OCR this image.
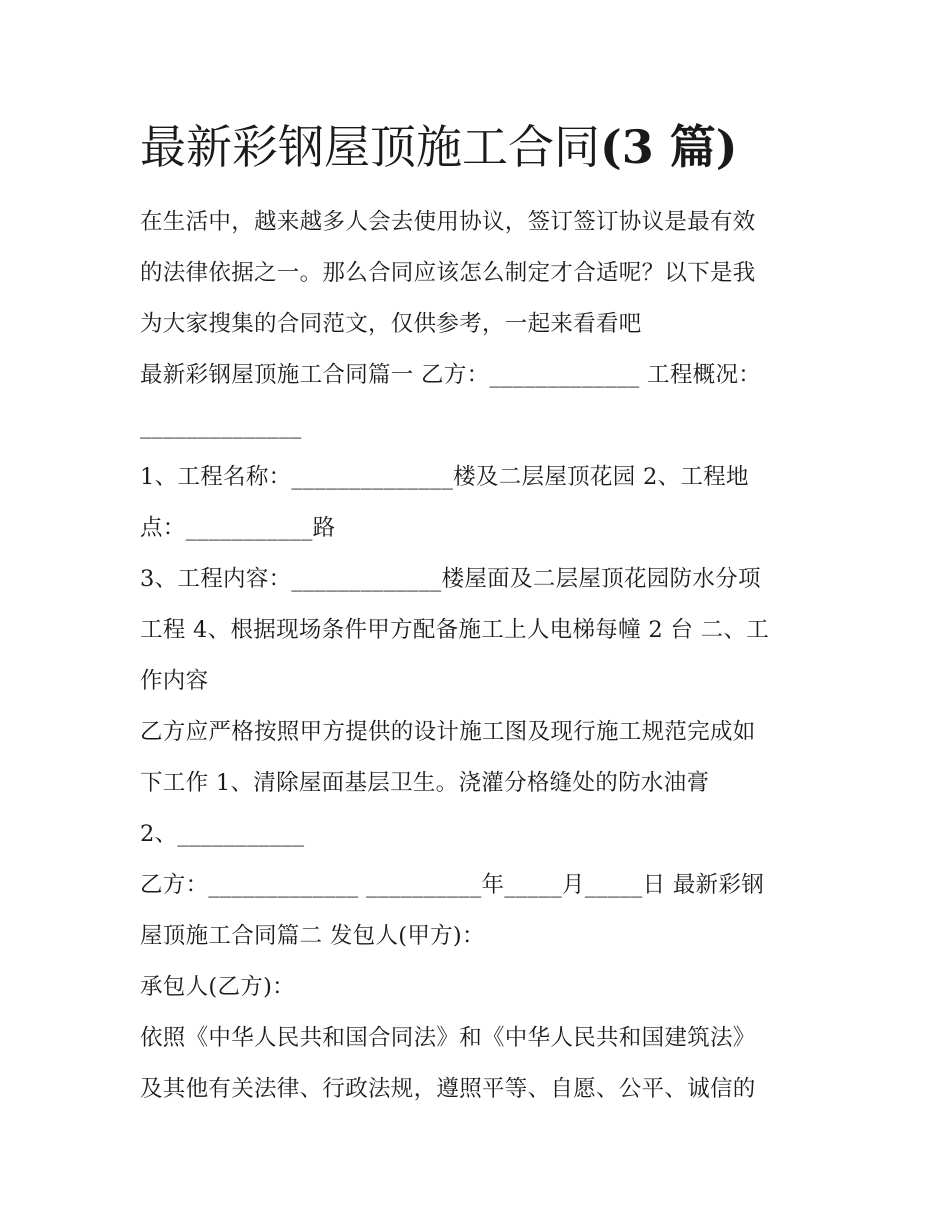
最新彩钢屋顶施工合同(3 篇)

在生活中，越来越多人会去使用协议，签订签订协议是最有效

的法律依据之一。那么合同应该怎么制定才合适呢？以下是我

为大家搜集的合同范文，仅供参考，一起来看看吧

最新彩钢屋顶施工合同篇一 乙方：_____________ 工程概况：

______________

1、工程名称：______________楼及二层屋顶花园 2、工程地

点：___________路

3、工程内容：_____________楼屋面及二层屋顶花园防水分项

工程 4、根据现场条件甲方配备施工上人电梯每幢 2 台 二、工

作内容

乙方应严格按照甲方提供的设计施工图及现行施工规范完成如

下工作 1、清除屋面基层卫生。浇灌分格缝处的防水油膏

2、___________

乙方：_____________ __________年_____月_____日 最新彩钢

屋顶施工合同篇二 发包人(甲方)：

承包人(乙方)：

依照《中华人民共和国合同法》和《中华人民共和国建筑法》

及其他有关法律、行政法规，遵照平等、自愿、公平、诚信的
